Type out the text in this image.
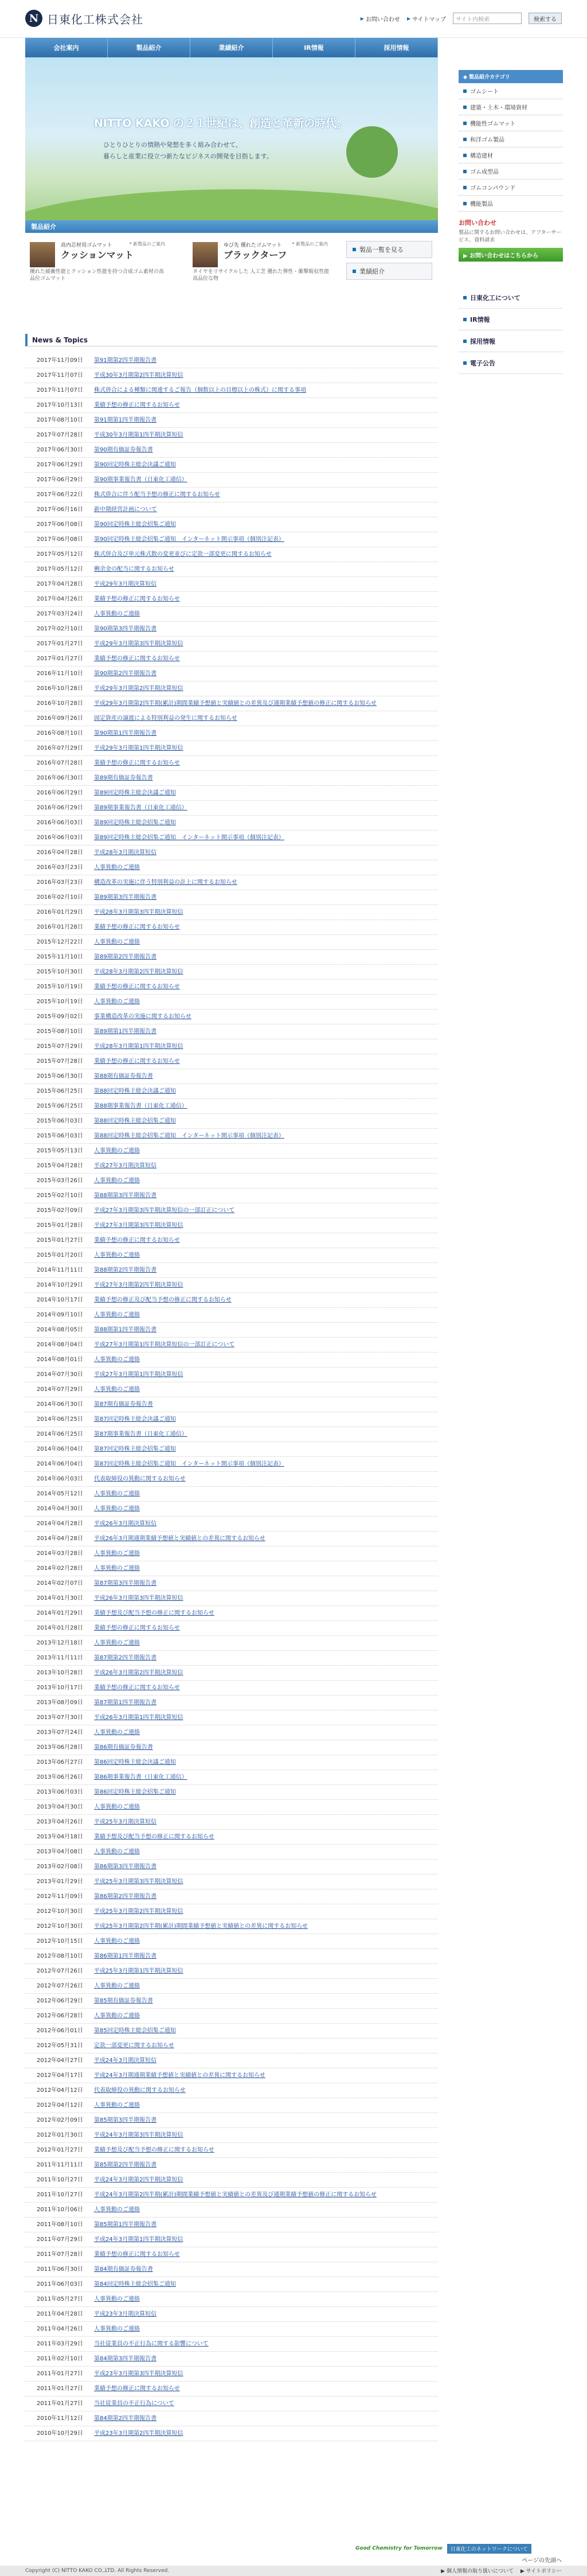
N 日東化工株式会社	▶ お問い合わせ ▶ サイトマップ	サイト内検索	検索する
会社案内	製品紹介	業績紹介	IR情報	採用情報
NITTO KAKO の２１世紀は、創造と革新の時代。
ひとりひとりの情熱や発想を多く組み合わせて、
暮らしと産業に役立つ新たなビジネスの開発を目指します。
◆ 製品紹介カテゴリ
ゴムシート
建築・土木・環境資材
機能性ゴムマット
和洋ゴム製品
構造建材
ゴム成型品
ゴムコンパウンド
機能製品
お問い合わせ
製品に関するお問い合わせは、アフターサービス、資料請求
▶ お問い合わせはこちらから
日東化工について
IR情報
採用情報
電子公告
製品紹介
高内芯材用ゴムマット	* 新製品のご案内
クッションマット
優れた緩衝性能とクッション性能を持つ合成ゴム素材の高品位ゴムマット
ゆび先 優れたゴムマット * 新製品のご案内
ブラックターフ
タイヤをリサイクルした 人工芝 優れた弾性・衝撃吸収性能 高品位な物
製品一覧を見る
業績紹介
News & Topics
2017年11月09日	第91期第2四半期報告書
2017年11月07日	平成30年3月期第2四半期決算短信
2017年11月07日	株式併合による種類に関連するご報告（個数以上の目標以上の株式）に関する事項
2017年10月13日	業績予想の修正に関するお知らせ
2017年08月10日	第91期第1四半期報告書
2017年07月28日	平成30年3月期第1四半期決算短信
2017年06月30日	第90期有価証券報告書
2017年06月29日	第90回定時株主総会決議ご通知
2017年06月29日	第90期事業報告書（日東化工通信）
2017年06月22日	株式併合に伴う配当予想の修正に関するお知らせ
2017年06月16日	新中期経営計画について
2017年06月08日	第90回定時株主総会招集ご通知
2017年06月08日	第90回定時株主総会招集ご通知　インターネット開示事項（個別注記表）
2017年05月12日	株式併合及び単元株式数の変更並びに定款一部変更に関するお知らせ
2017年05月12日	剰余金の配当に関するお知らせ
2017年04月28日	平成29年3月期決算短信
2017年04月26日	業績予想の修正に関するお知らせ
2017年03月24日	人事異動のご連絡
2017年02月10日	第90期第3四半期報告書
2017年01月27日	平成29年3月期第3四半期決算短信
2017年01月27日	業績予想の修正に関するお知らせ
2016年11月10日	第90期第2四半期報告書
2016年10月28日	平成29年3月期第2四半期決算短信
2016年10月28日	平成29年3月期第2四半期(累計)期間業績予想値と実績値との差異及び通期業績予想値の修正に関するお知らせ
2016年09月26日	固定資産の譲渡による特別利益の発生に関するお知らせ
2016年08月10日	第90期第1四半期報告書
2016年07月29日	平成29年3月期第1四半期決算短信
2016年07月28日	業績予想の修正に関するお知らせ
2016年06月30日	第89期有価証券報告書
2016年06月29日	第89回定時株主総会決議ご通知
2016年06月29日	第89期事業報告書（日東化工通信）
2016年06月03日	第89回定時株主総会招集ご通知
2016年06月03日	第89回定時株主総会招集ご通知　インターネット開示事項（個別注記表）
2016年04月28日	平成28年3月期決算短信
2016年03月23日	人事異動のご連絡
2016年03月23日	構造改革の実施に伴う特別利益の計上に関するお知らせ
2016年02月10日	第89期第3四半期報告書
2016年01月29日	平成28年3月期第3四半期決算短信
2016年01月28日	業績予想の修正に関するお知らせ
2015年12月22日	人事異動のご連絡
2015年11月10日	第89期第2四半期報告書
2015年10月30日	平成28年3月期第2四半期決算短信
2015年10月19日	業績予想の修正に関するお知らせ
2015年10月19日	人事異動のご連絡
2015年09月02日	事業構造改革の実施に関するお知らせ
2015年08月10日	第89期第1四半期報告書
2015年07月29日	平成28年3月期第1四半期決算短信
2015年07月28日	業績予想の修正に関するお知らせ
2015年06月30日	第88期有価証券報告書
2015年06月25日	第88回定時株主総会決議ご通知
2015年06月25日	第88期事業報告書（日東化工通信）
2015年06月03日	第88回定時株主総会招集ご通知
2015年06月03日	第88回定時株主総会招集ご通知　インターネット開示事項（個別注記表）
2015年05月13日	人事異動のご連絡
2015年04月28日	平成27年3月期決算短信
2015年03月26日	人事異動のご連絡
2015年02月10日	第88期第3四半期報告書
2015年02月09日	平成27年3月期第3四半期決算短信の一部訂正について
2015年01月28日	平成27年3月期第3四半期決算短信
2015年01月27日	業績予想の修正に関するお知らせ
2015年01月20日	人事異動のご連絡
2014年11月11日	第88期第2四半期報告書
2014年10月29日	平成27年3月期第2四半期決算短信
2014年10月17日	業績予想の修正及び配当予想の修正に関するお知らせ
2014年09月10日	人事異動のご連絡
2014年08月05日	第88期第1四半期報告書
2014年08月04日	平成27年3月期第1四半期決算短信の一部訂正について
2014年08月01日	人事異動のご連絡
2014年07月30日	平成27年3月期第1四半期決算短信
2014年07月29日	人事異動のご連絡
2014年06月30日	第87期有価証券報告書
2014年06月25日	第87回定時株主総会決議ご通知
2014年06月25日	第87期事業報告書（日東化工通信）
2014年06月04日	第87回定時株主総会招集ご通知
2014年06月04日	第87回定時株主総会招集ご通知　インターネット開示事項（個別注記表）
2014年06月03日	代表取締役の異動に関するお知らせ
2014年05月12日	人事異動のご連絡
2014年04月30日	人事異動のご連絡
2014年04月28日	平成26年3月期決算短信
2014年04月28日	平成26年3月期通期業績予想値と実績値との差異に関するお知らせ
2014年03月28日	人事異動のご連絡
2014年02月28日	人事異動のご連絡
2014年02月07日	第87期第3四半期報告書
2014年01月30日	平成26年3月期第3四半期決算短信
2014年01月29日	業績予想及び配当予想の修正に関するお知らせ
2014年01月28日	業績予想の修正に関するお知らせ
2013年12月18日	人事異動のご連絡
2013年11月11日	第87期第2四半期報告書
2013年10月28日	平成26年3月期第2四半期決算短信
2013年10月17日	業績予想の修正に関するお知らせ
2013年08月09日	第87期第1四半期報告書
2013年07月30日	平成26年3月期第1四半期決算短信
2013年07月24日	人事異動のご連絡
2013年06月28日	第86期有価証券報告書
2013年06月27日	第86回定時株主総会決議ご通知
2013年06月26日	第86期事業報告書（日東化工通信）
2013年06月03日	第86回定時株主総会招集ご通知
2013年04月30日	人事異動のご連絡
2013年04月26日	平成25年3月期決算短信
2013年04月18日	業績予想及び配当予想の修正に関するお知らせ
2013年04月08日	人事異動のご連絡
2013年02月08日	第86期第3四半期報告書
2013年01月29日	平成25年3月期第3四半期決算短信
2012年11月09日	第86期第2四半期報告書
2012年10月30日	平成25年3月期第2四半期決算短信
2012年10月30日	平成25年3月期第2四半期(累計)期間業績予想値と実績値との差異に関するお知らせ
2012年10月15日	人事異動のご連絡
2012年08月10日	第86期第1四半期報告書
2012年07月26日	平成25年3月期第1四半期決算短信
2012年07月26日	人事異動のご連絡
2012年06月29日	第85期有価証券報告書
2012年06月28日	人事異動のご連絡
2012年06月01日	第85回定時株主総会招集ご通知
2012年05月31日	定款一部変更に関するお知らせ
2012年04月27日	平成24年3月期決算短信
2012年04月17日	平成24年3月期通期業績予想値と実績値との差異に関するお知らせ
2012年04月12日	代表取締役の異動に関するお知らせ
2012年04月12日	人事異動のご連絡
2012年02月09日	第85期第3四半期報告書
2012年01月30日	平成24年3月期第3四半期決算短信
2012年01月27日	業績予想及び配当予想の修正に関するお知らせ
2011年11月11日	第85期第2四半期報告書
2011年10月27日	平成24年3月期第2四半期決算短信
2011年10月27日	平成24年3月期第2四半期(累計)期間業績予想値と実績値との差異及び通期業績予想値の修正に関するお知らせ
2011年10月06日	人事異動のご連絡
2011年08月10日	第85期第1四半期報告書
2011年07月29日	平成24年3月期第1四半期決算短信
2011年07月28日	業績予想の修正に関するお知らせ
2011年06月30日	第84期有価証券報告書
2011年06月03日	第84回定時株主総会招集ご通知
2011年05月27日	人事異動のご連絡
2011年04月28日	平成23年3月期決算短信
2011年04月26日	人事異動のご連絡
2011年03月29日	当社従業員の不正行為に関する影響について
2011年02月10日	第84期第3四半期報告書
2011年01月27日	平成23年3月期第3四半期決算短信
2011年01月27日	業績予想の修正に関するお知らせ
2011年01月27日	当社従業員の不正行為について
2010年11月12日	第84期第2四半期報告書
2010年10月29日	平成23年3月期第2四半期決算短信
Good Chemistry for Tomorrow	日東化工のネットワークについて
ページの先頭へ
Copyright (C) NITTO KAKO CO.,LTD. All Rights Reserved.	▶ 個人情報の取り扱いについて ▶ サイトポリシー
